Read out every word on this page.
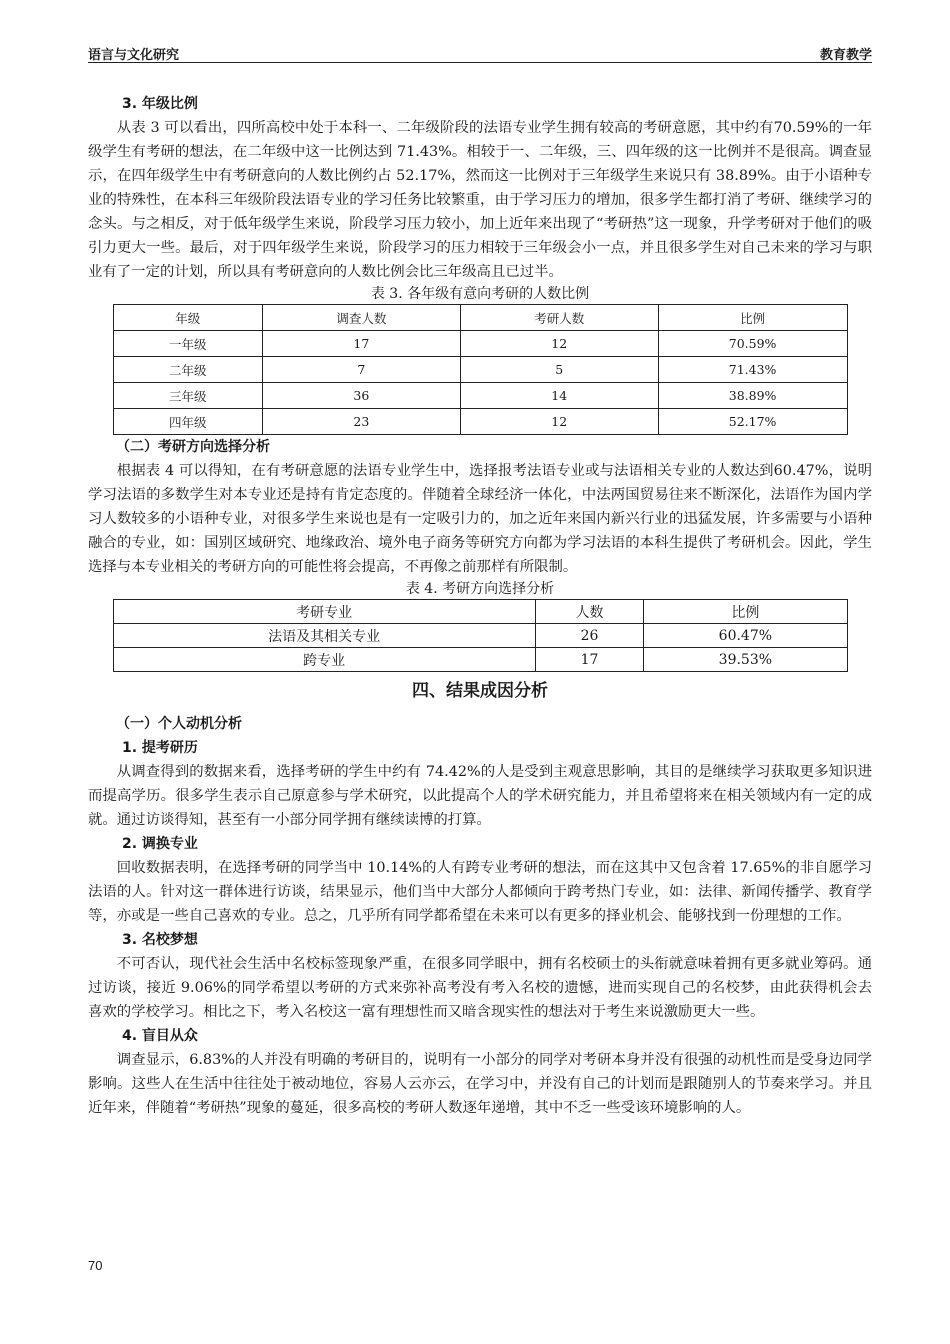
语言与文化研究	教育教学

3. 年级比例

从表 3 可以看出，四所高校中处于本科一、二年级阶段的法语专业学生拥有较高的考研意愿，其中约有70.59%的一年级学生有考研的想法，在二年级中这一比例达到 71.43%。相较于一、二年级，三、四年级的这一比例并不是很高。调查显示，在四年级学生中有考研意向的人数比例约占 52.17%，然而这一比例对于三年级学生来说只有 38.89%。由于小语种专业的特殊性，在本科三年级阶段法语专业的学习任务比较繁重，由于学习压力的增加，很多学生都打消了考研、继续学习的念头。与之相反，对于低年级学生来说，阶段学习压力较小，加上近年来出现了“考研热”这一现象，升学考研对于他们的吸引力更大一些。最后，对于四年级学生来说，阶段学习的压力相较于三年级会小一点，并且很多学生对自己未来的学习与职业有了一定的计划，所以具有考研意向的人数比例会比三年级高且已过半。

表 3. 各年级有意向考研的人数比例

年级	调查人数	考研人数	比例
一年级	17	12	70.59%
二年级	7	5	71.43%
三年级	36	14	38.89%
四年级	23	12	52.17%

（二）考研方向选择分析

根据表 4 可以得知，在有考研意愿的法语专业学生中，选择报考法语专业或与法语相关专业的人数达到60.47%，说明学习法语的多数学生对本专业还是持有肯定态度的。伴随着全球经济一体化，中法两国贸易往来不断深化，法语作为国内学习人数较多的小语种专业，对很多学生来说也是有一定吸引力的，加之近年来国内新兴行业的迅猛发展，许多需要与小语种融合的专业，如：国别区域研究、地缘政治、境外电子商务等研究方向都为学习法语的本科生提供了考研机会。因此，学生选择与本专业相关的考研方向的可能性将会提高，不再像之前那样有所限制。

表 4. 考研方向选择分析

考研专业	人数	比例
法语及其相关专业	26	60.47%
跨专业	17	39.53%

四、结果成因分析

（一）个人动机分析

1. 提考研历

从调查得到的数据来看，选择考研的学生中约有 74.42%的人是受到主观意思影响，其目的是继续学习获取更多知识进而提高学历。很多学生表示自己原意参与学术研究，以此提高个人的学术研究能力，并且希望将来在相关领域内有一定的成就。通过访谈得知，甚至有一小部分同学拥有继续读博的打算。

2. 调换专业

回收数据表明，在选择考研的同学当中 10.14%的人有跨专业考研的想法，而在这其中又包含着 17.65%的非自愿学习法语的人。针对这一群体进行访谈，结果显示，他们当中大部分人都倾向于跨考热门专业，如：法律、新闻传播学、教育学等，亦或是一些自己喜欢的专业。总之，几乎所有同学都希望在未来可以有更多的择业机会、能够找到一份理想的工作。

3. 名校梦想

不可否认，现代社会生活中名校标签现象严重，在很多同学眼中，拥有名校硕士的头衔就意味着拥有更多就业筹码。通过访谈，接近 9.06%的同学希望以考研的方式来弥补高考没有考入名校的遗憾，进而实现自己的名校梦，由此获得机会去喜欢的学校学习。相比之下，考入名校这一富有理想性而又暗含现实性的想法对于考生来说激励更大一些。

4. 盲目从众

调查显示，6.83%的人并没有明确的考研目的，说明有一小部分的同学对考研本身并没有很强的动机性而是受身边同学影响。这些人在生活中往往处于被动地位，容易人云亦云，在学习中，并没有自己的计划而是跟随别人的节奏来学习。并且近年来，伴随着“考研热”现象的蔓延，很多高校的考研人数逐年递增，其中不乏一些受该环境影响的人。

70
